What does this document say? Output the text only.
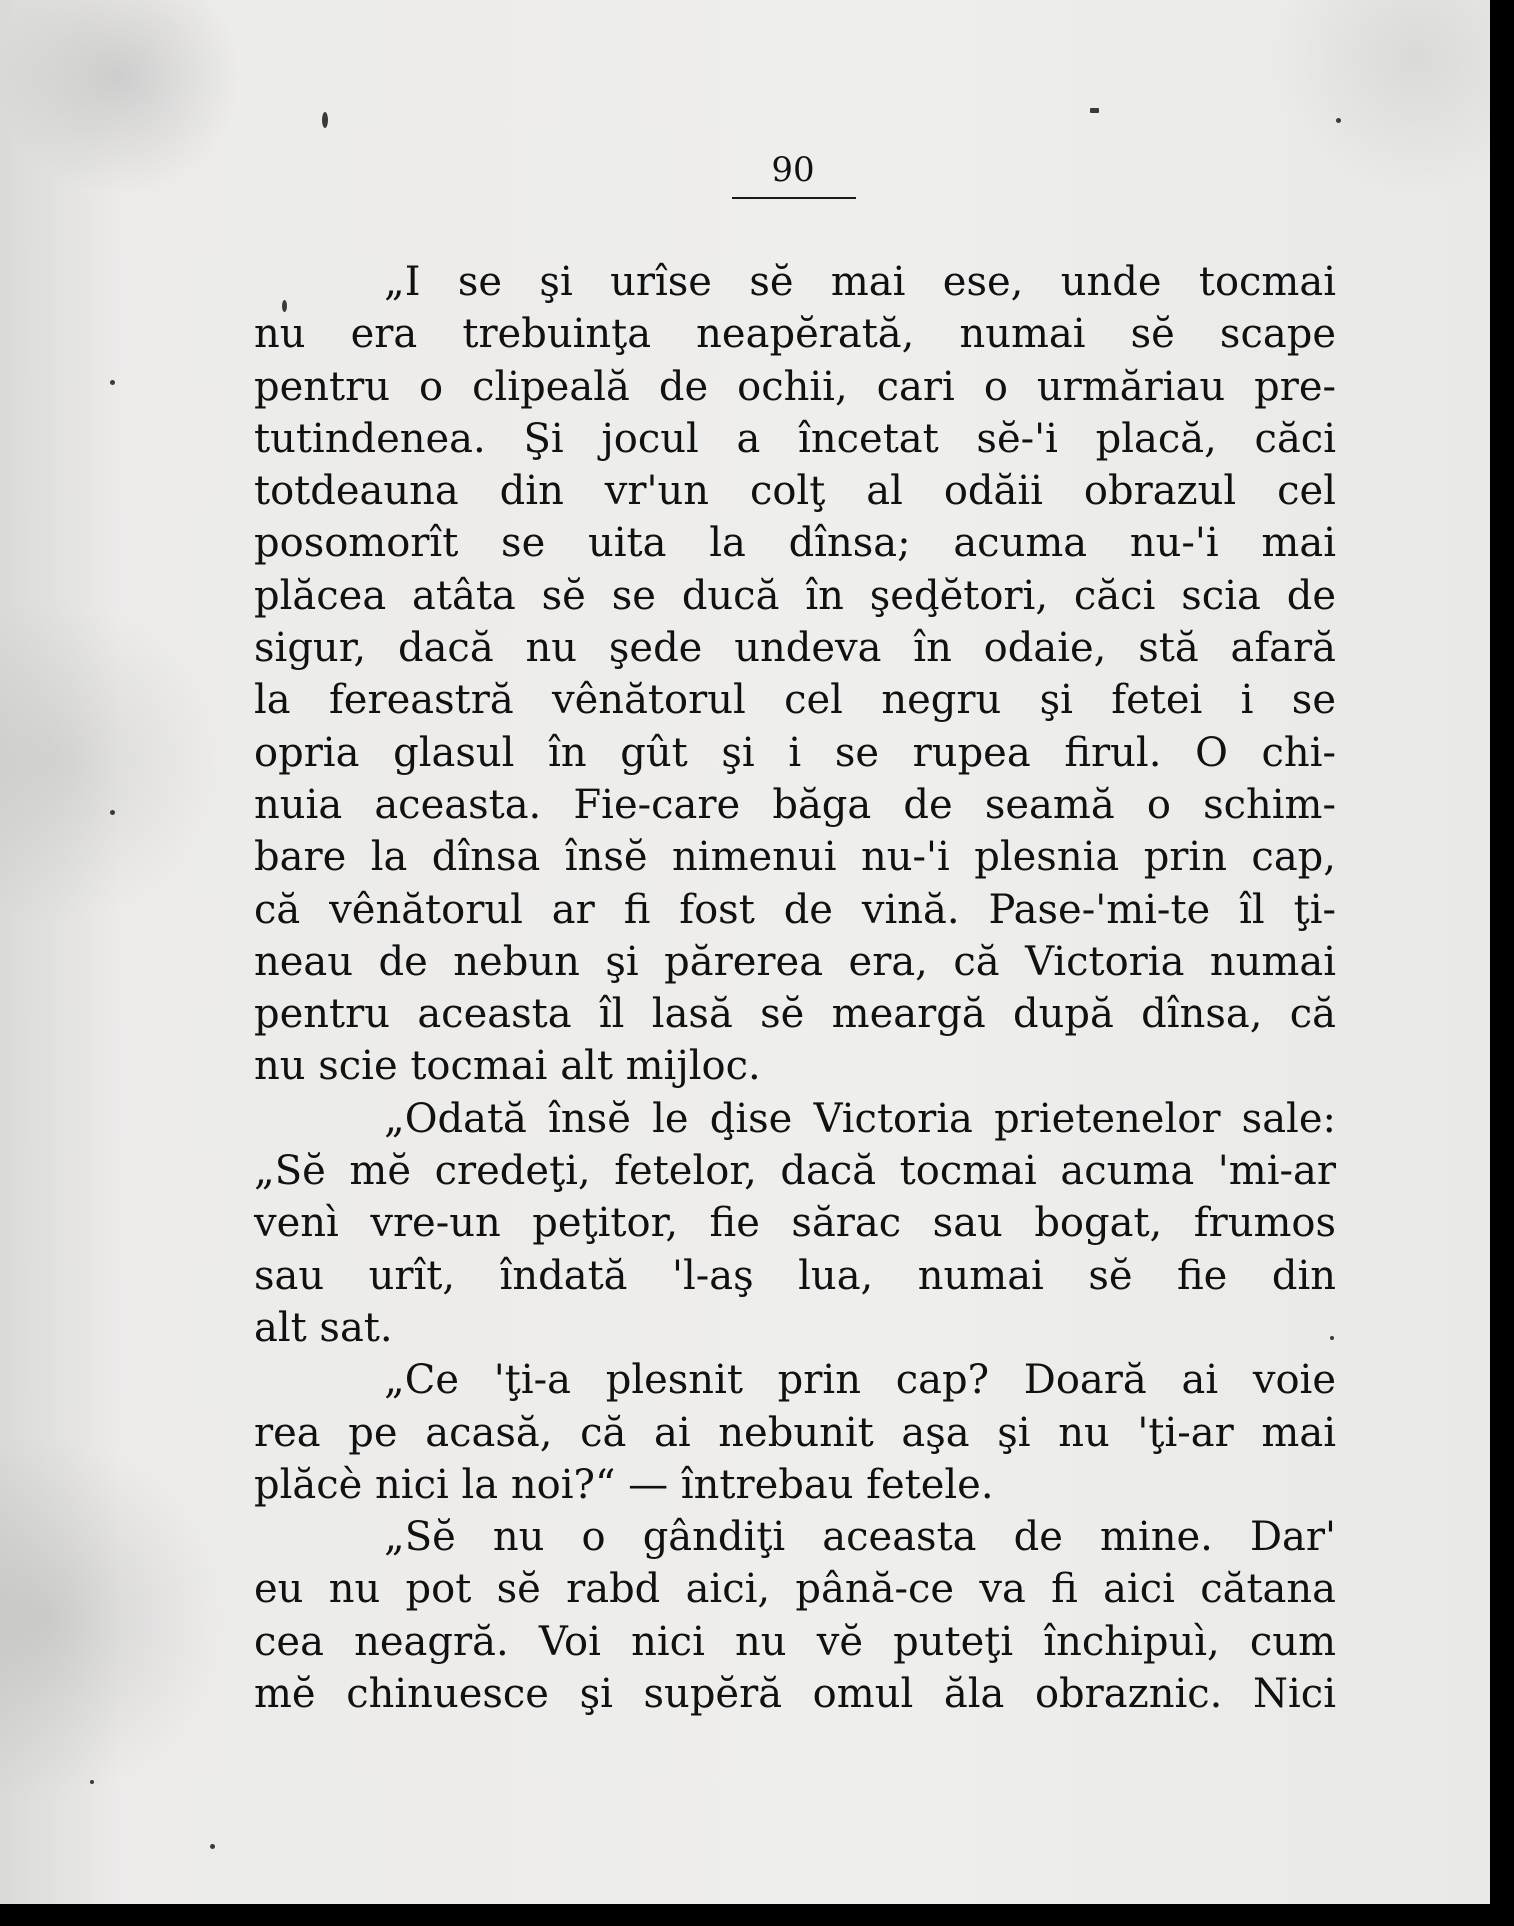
90
„I se şi urîse sĕ mai ese, unde tocmai
nu era trebuinţa neapĕrată, numai sĕ scape
pentru o clipeală de ochii, cari o urmăriau pre-
tutindenea. Şi jocul a încetat sĕ-'i placă, căci
totdeauna din vr'un colţ al odăii obrazul cel
posomorît se uita la dînsa; acuma nu-'i mai
plăcea atâta sĕ se ducă în şeḑĕtori, căci scia de
sigur, dacă nu şede undeva în odaie, stă afară
la fereastră vênătorul cel negru şi fetei i se
opria glasul în gût şi i se rupea firul. O chi-
nuia aceasta. Fie-care băga de seamă o schim-
bare la dînsa însĕ nimenui nu-'i plesnia prin cap,
că vênătorul ar fi fost de vină. Pase-'mi-te îl ţi-
neau de nebun şi părerea era, că Victoria numai
pentru aceasta îl lasă sĕ meargă după dînsa, că
nu scie tocmai alt mijloc.
„Odată însĕ le ḑise Victoria prietenelor sale:
„Sĕ mĕ credeţi, fetelor, dacă tocmai acuma 'mi-ar
venì vre-un peţitor, fie sărac sau bogat, frumos
sau urît, îndată 'l-aş lua, numai sĕ fie din
alt sat.
„Ce 'ţi-a plesnit prin cap? Doară ai voie
rea pe acasă, că ai nebunit aşa şi nu 'ţi-ar mai
plăcè nici la noi?“ — întrebau fetele.
„Sĕ nu o gândiţi aceasta de mine. Dar'
eu nu pot sĕ rabd aici, până-ce va fi aici cătana
cea neagră. Voi nici nu vĕ puteţi închipuì, cum
mĕ chinuesce şi supĕră omul ăla obraznic. Nici
